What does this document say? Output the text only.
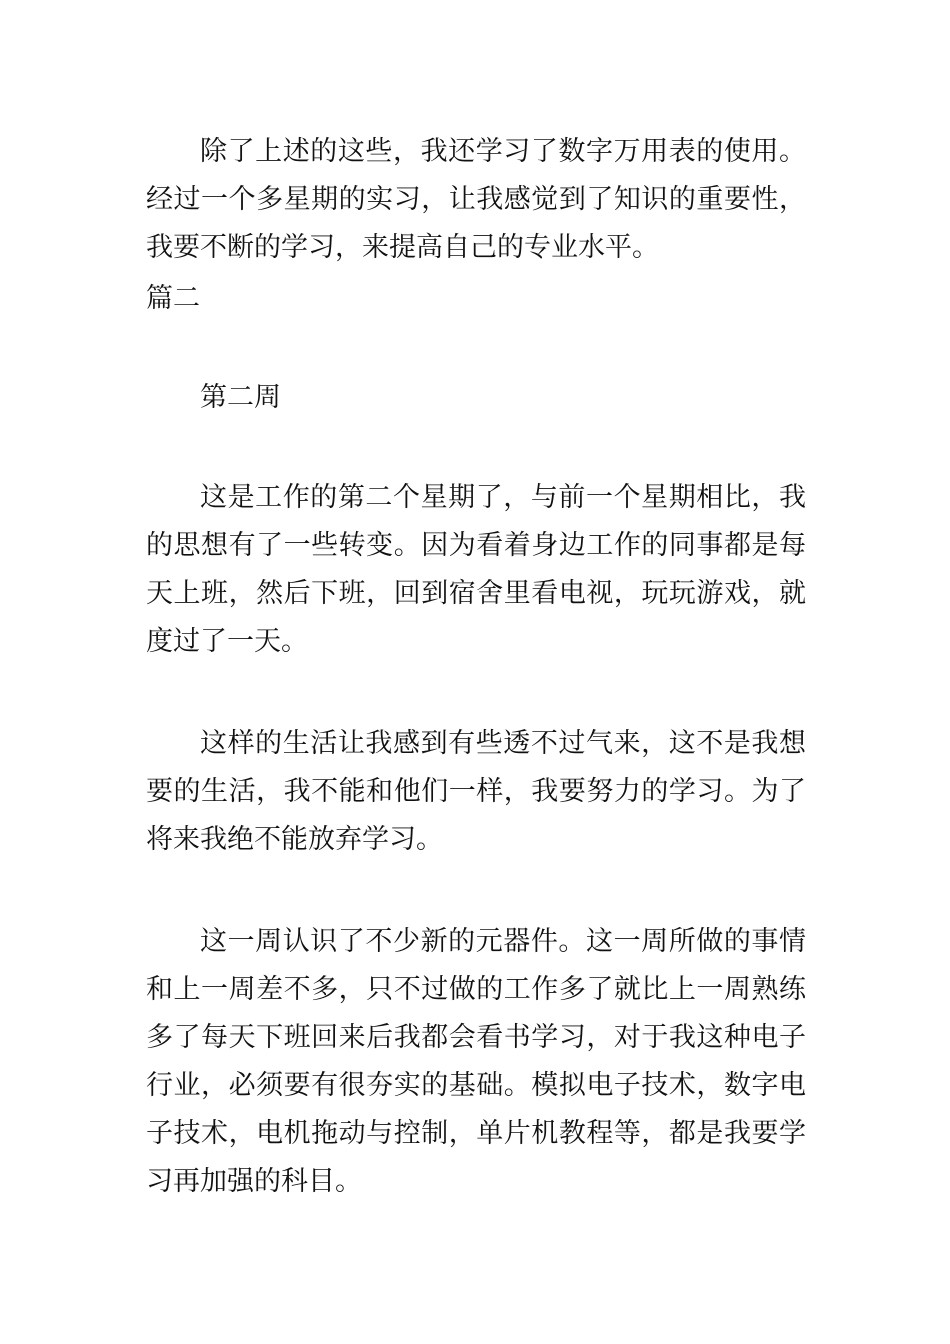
除了上述的这些，我还学习了数字万用表的使用。经过一个多星期的实习，让我感觉到了知识的重要性，我要不断的学习，来提高自己的专业水平。

篇二

第二周

这是工作的第二个星期了，与前一个星期相比，我的思想有了一些转变。因为看着身边工作的同事都是每天上班，然后下班，回到宿舍里看电视，玩玩游戏，就度过了一天。

这样的生活让我感到有些透不过气来，这不是我想要的生活，我不能和他们一样，我要努力的学习。为了将来我绝不能放弃学习。

这一周认识了不少新的元器件。这一周所做的事情和上一周差不多，只不过做的工作多了就比上一周熟练多了每天下班回来后我都会看书学习，对于我这种电子行业，必须要有很夯实的基础。模拟电子技术，数字电子技术，电机拖动与控制，单片机教程等，都是我要学习再加强的科目。
